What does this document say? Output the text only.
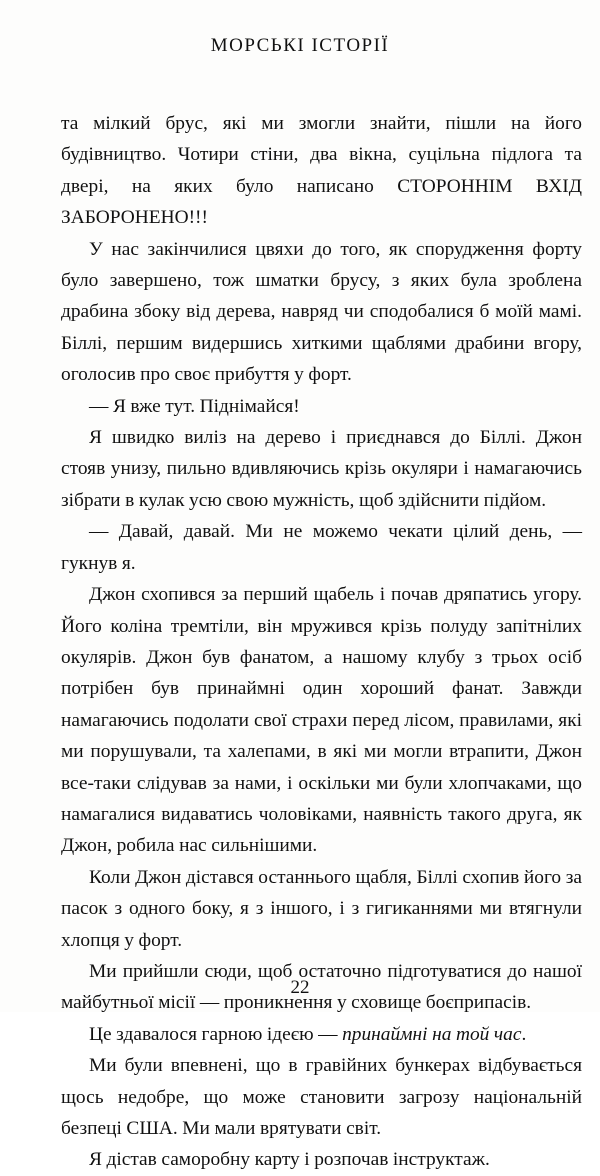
МОРСЬКІ ІСТОРІЇ

та мілкий брус, які ми змогли знайти, пішли на його будівництво. Чотири стіни, два вікна, суцільна підлога та двері, на яких було написано СТОРОННІМ ВХІД ЗАБОРОНЕНО!!!

У нас закінчилися цвяхи до того, як спорудження форту було завершено, тож шматки брусу, з яких була зроблена драбина збоку від дерева, навряд чи сподобалися б моїй мамі. Біллі, першим видершись хиткими щаблями драбини вгору, оголосив про своє прибуття у форт.

— Я вже тут. Піднімайся!

Я швидко виліз на дерево і приєднався до Біллі. Джон стояв унизу, пильно вдивляючись крізь окуляри і намагаючись зібрати в кулак усю свою мужність, щоб здійснити підйом.

— Давай, давай. Ми не можемо чекати цілий день, — гукнув я.

Джон схопився за перший щабель і почав дряпатись угору. Його коліна тремтіли, він мружився крізь полуду запітнілих окулярів. Джон був фанатом, а нашому клубу з трьох осіб потрібен був принаймні один хороший фанат. Завжди намагаючись подолати свої страхи перед лісом, правилами, які ми порушували, та халепами, в які ми могли втрапити, Джон все-таки слідував за нами, і оскільки ми були хлопчаками, що намагалися видаватись чоловіками, наявність такого друга, як Джон, робила нас сильнішими.

Коли Джон дістався останнього щабля, Біллі схопив його за пасок з одного боку, я з іншого, і з гигиканнями ми втягнули хлопця у форт.

Ми прийшли сюди, щоб остаточно підготуватися до нашої майбутньої місії — проникнення у сховище боєприпасів.

Це здавалося гарною ідеєю — принаймні на той час.

Ми були впевнені, що в гравійних бункерах відбувається щось недобре, що може становити загрозу національній безпеці США. Ми мали врятувати світ.

Я дістав саморобну карту і розпочав інструктаж.

22
